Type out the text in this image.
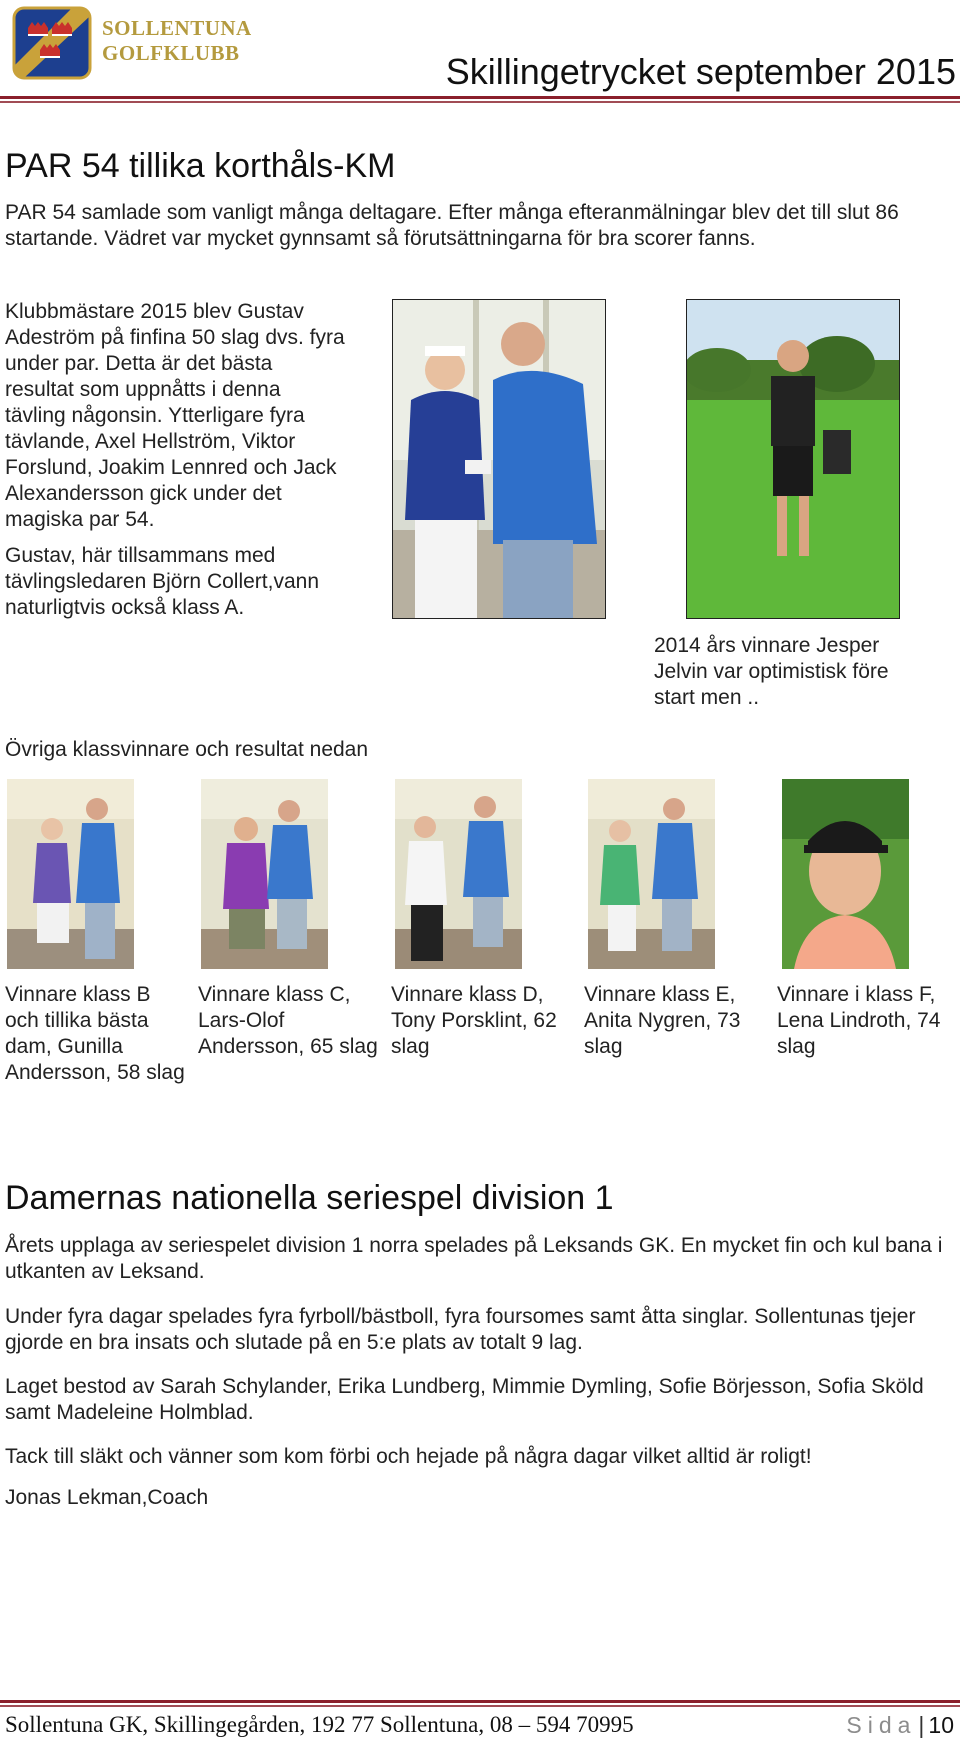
SOLLENTUNA
GOLFKLUBB	Skillingetrycket september 2015
PAR 54 tillika korthåls-KM
PAR 54 samlade som vanligt många deltagare. Efter många efteranmälningar blev det till slut 86 startande. Vädret var mycket gynnsamt så förutsättningarna för bra scorer fanns.
Klubbmästare 2015 blev Gustav Adeström på finfina 50 slag dvs. fyra under par. Detta är det bästa resultat som uppnåtts i denna tävling någonsin. Ytterligare fyra tävlande, Axel Hellström, Viktor Forslund, Joakim Lennred och Jack Alexandersson gick under det magiska par 54.
Gustav, här tillsammans med tävlingsledaren Björn Collert,vann naturligtvis också klass A.
2014 års vinnare Jesper Jelvin var optimistisk före start men ..
Övriga klassvinnare och resultat nedan
Vinnare klass B och tillika bästa dam, Gunilla Andersson, 58 slag
Vinnare klass C, Lars-Olof Andersson, 65 slag
Vinnare klass D, Tony Porsklint, 62 slag
Vinnare klass E, Anita Nygren, 73 slag
Vinnare i klass F, Lena Lindroth, 74 slag
Damernas nationella seriespel division 1
Årets upplaga av seriespelet division 1 norra spelades på Leksands GK. En mycket fin och kul bana i utkanten av Leksand.
Under fyra dagar spelades fyra fyrboll/bästboll, fyra foursomes samt åtta singlar. Sollentunas tjejer gjorde en bra insats och slutade på en 5:e plats av totalt 9 lag.
Laget bestod av Sarah Schylander, Erika Lundberg, Mimmie Dymling, Sofie Börjesson, Sofia Sköld samt Madeleine Holmblad.
Tack till släkt och vänner som kom förbi och hejade på några dagar vilket alltid är roligt!
Jonas Lekman,Coach
Sollentuna GK, Skillingegården, 192 77 Sollentuna, 08 – 594 70995	Sida| 10
